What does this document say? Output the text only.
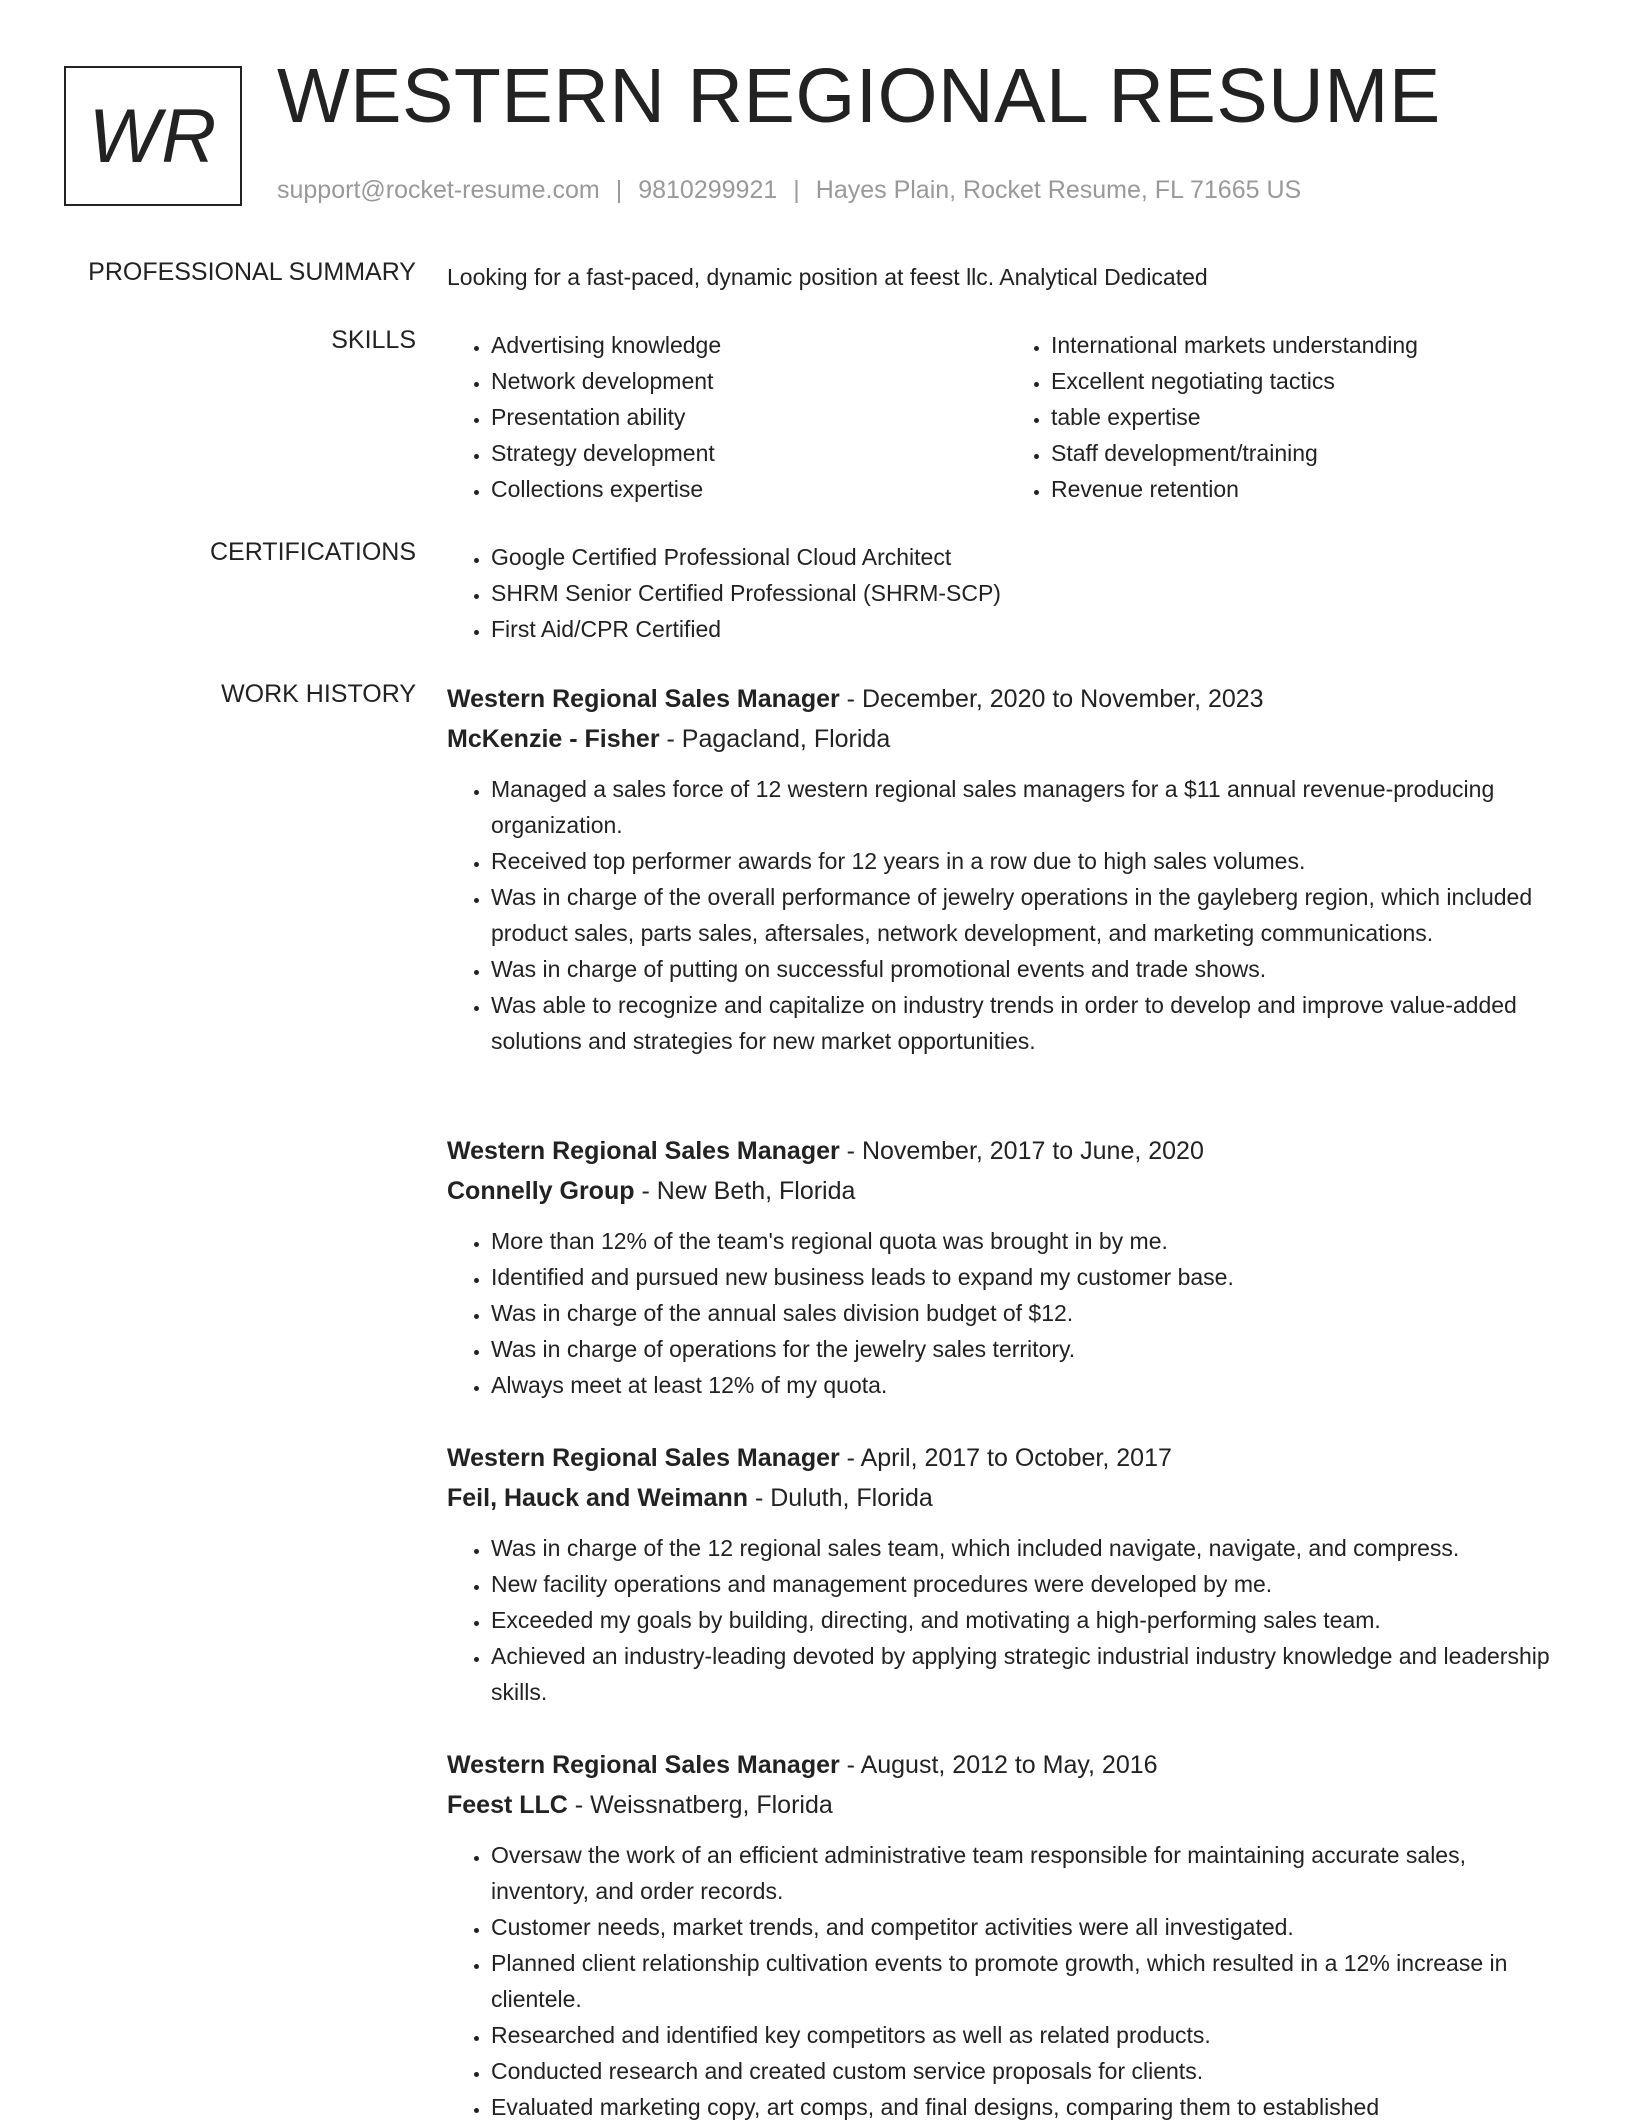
WR WESTERN REGIONAL RESUME
support@rocket-resume.com | 9810299921 | Hayes Plain, Rocket Resume, FL 71665 US
PROFESSIONAL SUMMARY Looking for a fast-paced, dynamic position at feest llc. Analytical Dedicated
SKILLS	• Advertising knowledge
• Network development
• Presentation ability
• Strategy development
• Collections expertise
• International markets understanding
• Excellent negotiating tactics
• table expertise
• Staff development/training
• Revenue retention
CERTIFICATIONS	• Google Certified Professional Cloud Architect
• SHRM Senior Certified Professional (SHRM-SCP)
• First Aid/CPR Certified
WORK HISTORY Western Regional Sales Manager - December, 2020 to November, 2023
McKenzie - Fisher - Pagacland, Florida
• Managed a sales force of 12 western regional sales managers for a $11 annual revenue-producing organization.
• Received top performer awards for 12 years in a row due to high sales volumes.
• Was in charge of the overall performance of jewelry operations in the gayleberg region, which included product sales, parts sales, aftersales, network development, and marketing communications.
• Was in charge of putting on successful promotional events and trade shows.
• Was able to recognize and capitalize on industry trends in order to develop and improve value-added solutions and strategies for new market opportunities.
Western Regional Sales Manager - November, 2017 to June, 2020
Connelly Group - New Beth, Florida
• More than 12% of the team's regional quota was brought in by me.
• Identified and pursued new business leads to expand my customer base.
• Was in charge of the annual sales division budget of $12.
• Was in charge of operations for the jewelry sales territory.
• Always meet at least 12% of my quota.
Western Regional Sales Manager - April, 2017 to October, 2017
Feil, Hauck and Weimann - Duluth, Florida
• Was in charge of the 12 regional sales team, which included navigate, navigate, and compress.
• New facility operations and management procedures were developed by me.
• Exceeded my goals by building, directing, and motivating a high-performing sales team.
• Achieved an industry-leading devoted by applying strategic industrial industry knowledge and leadership skills.
Western Regional Sales Manager - August, 2012 to May, 2016
Feest LLC - Weissnatberg, Florida
• Oversaw the work of an efficient administrative team responsible for maintaining accurate sales, inventory, and order records.
• Customer needs, market trends, and competitor activities were all investigated.
• Planned client relationship cultivation events to promote growth, which resulted in a 12% increase in clientele.
• Researched and identified key competitors as well as related products.
• Conducted research and created custom service proposals for clients.
• Evaluated marketing copy, art comps, and final designs, comparing them to established
